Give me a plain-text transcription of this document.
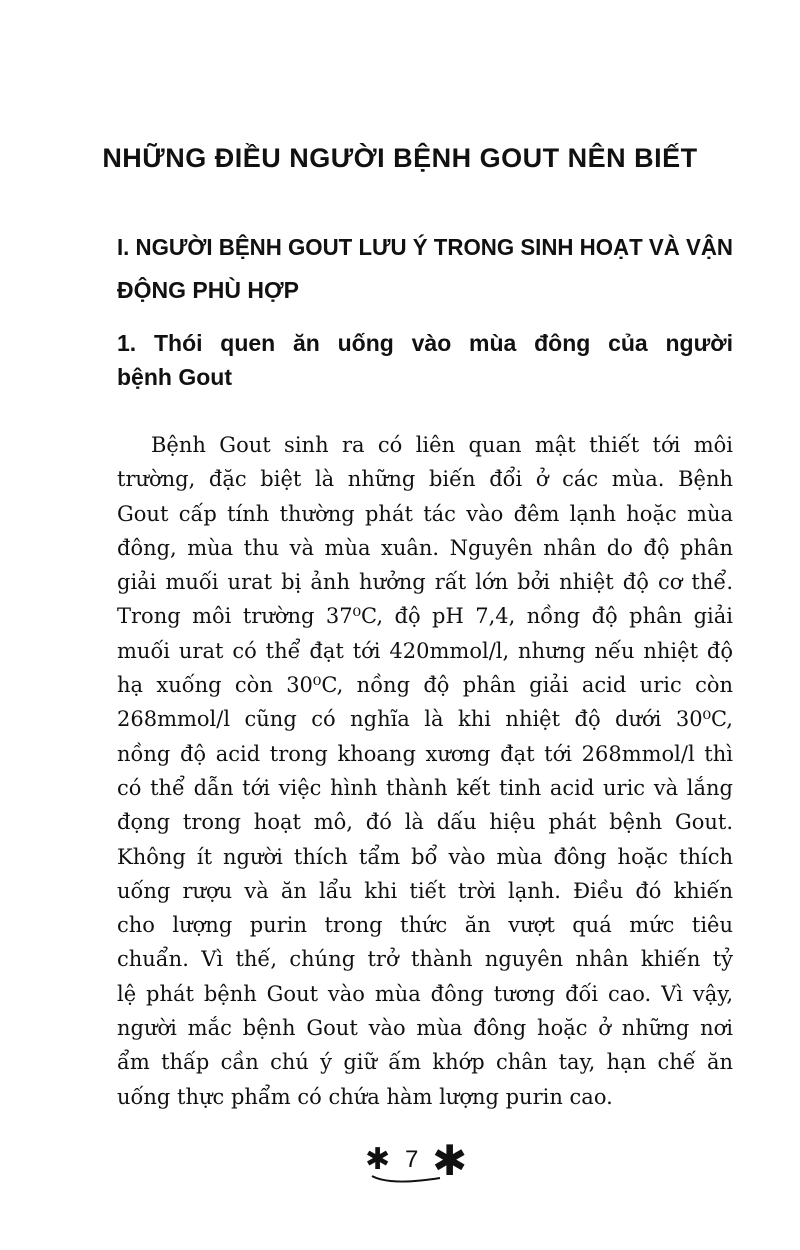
NHỮNG ĐIỀU NGƯỜI BỆNH GOUT NÊN BIẾT
I. NGƯỜI BỆNH GOUT LƯU Ý TRONG SINH HOẠT VÀ VẬN
ĐỘNG PHÙ HỢP
1. Thói quen ăn uống vào mùa đông của người
bệnh Gout
Bệnh Gout sinh ra có liên quan mật thiết tới môi
trường, đặc biệt là những biến đổi ở các mùa. Bệnh
Gout cấp tính thường phát tác vào đêm lạnh hoặc mùa
đông, mùa thu và mùa xuân. Nguyên nhân do độ phân
giải muối urat bị ảnh hưởng rất lớn bởi nhiệt độ cơ thể.
Trong môi trường 37⁰C, độ pH 7,4, nồng độ phân giải
muối urat có thể đạt tới 420mmol/l, nhưng nếu nhiệt độ
hạ xuống còn 30⁰C, nồng độ phân giải acid uric còn
268mmol/l cũng có nghĩa là khi nhiệt độ dưới 30⁰C,
nồng độ acid trong khoang xương đạt tới 268mmol/l thì
có thể dẫn tới việc hình thành kết tinh acid uric và lắng
đọng trong hoạt mô, đó là dấu hiệu phát bệnh Gout.
Không ít người thích tẩm bổ vào mùa đông hoặc thích
uống rượu và ăn lẩu khi tiết trời lạnh. Điều đó khiến
cho lượng purin trong thức ăn vượt quá mức tiêu
chuẩn. Vì thế, chúng trở thành nguyên nhân khiến tỷ
lệ phát bệnh Gout vào mùa đông tương đối cao. Vì vậy,
người mắc bệnh Gout vào mùa đông hoặc ở những nơi
ẩm thấp cần chú ý giữ ấm khớp chân tay, hạn chế ăn
uống thực phẩm có chứa hàm lượng purin cao.
✱ 7 ✱
